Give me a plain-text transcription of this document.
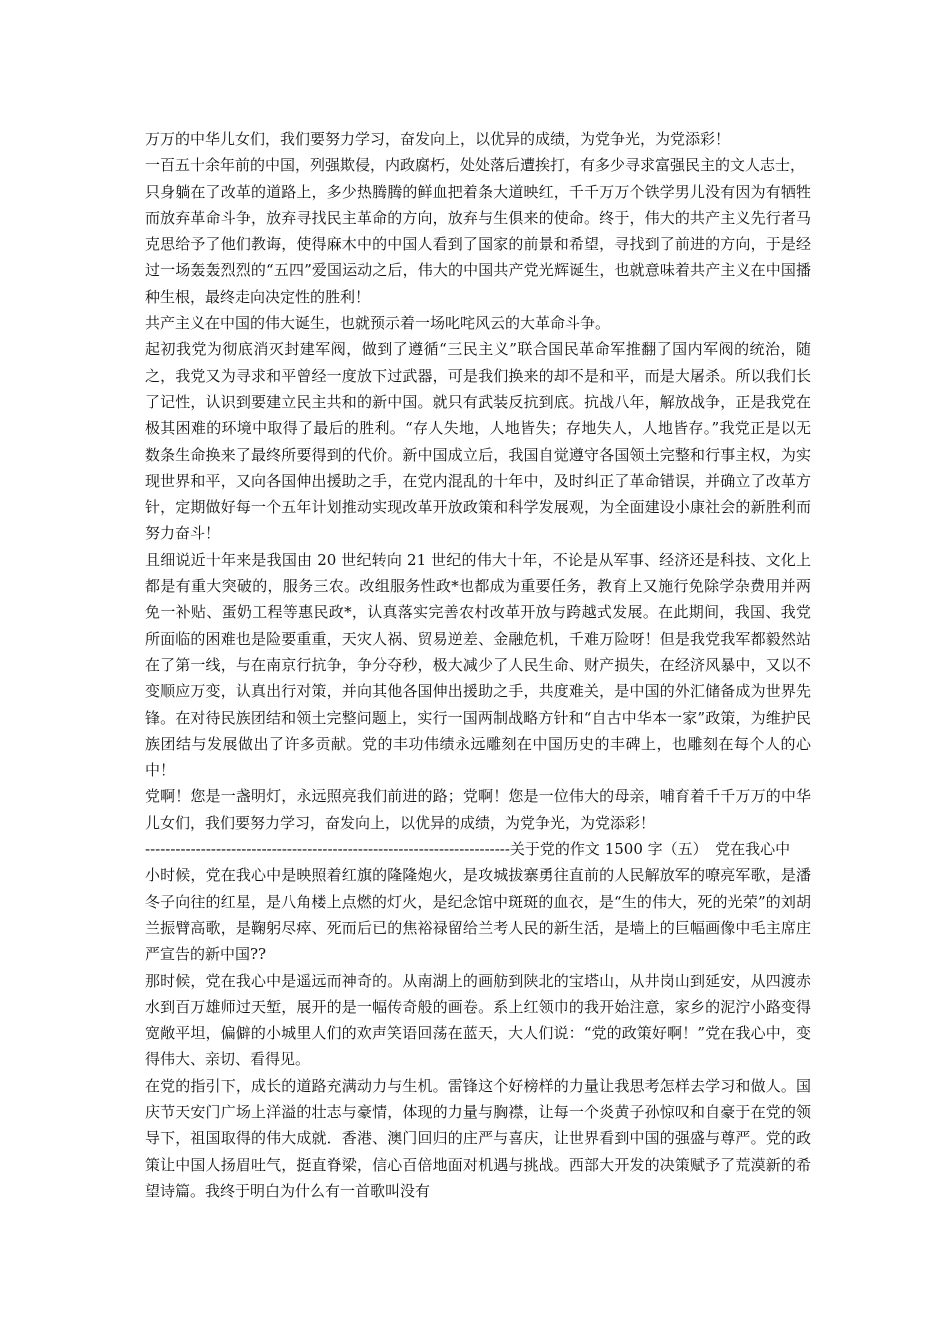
万万的中华儿女们，我们要努力学习，奋发向上，以优异的成绩，为党争光，为党添彩！

一百五十余年前的中国，列强欺侵，内政腐朽，处处落后遭挨打，有多少寻求富强民主的文人志士，

只身躺在了改革的道路上，多少热腾腾的鲜血把着条大道映红，千千万万个铁学男儿没有因为有牺牲而放弃革命斗争，放弃寻找民主革命的方向，放弃与生俱来的使命。终于，伟大的共产主义先行者马克思给予了他们教诲，使得麻木中的中国人看到了国家的前景和希望，寻找到了前进的方向，于是经过一场轰轰烈烈的“五四”爱国运动之后，伟大的中国共产党光辉诞生，也就意味着共产主义在中国播种生根，最终走向决定性的胜利！

共产主义在中国的伟大诞生，也就预示着一场叱咤风云的大革命斗争。

起初我党为彻底消灭封建军阀，做到了遵循“三民主义”联合国民革命军推翻了国内军阀的统治，随之，我党又为寻求和平曾经一度放下过武器，可是我们换来的却不是和平，而是大屠杀。所以我们长了记性，认识到要建立民主共和的新中国。就只有武装反抗到底。抗战八年，解放战争，正是我党在极其困难的环境中取得了最后的胜利。“存人失地，人地皆失；存地失人，人地皆存。”我党正是以无数条生命换来了最终所要得到的代价。新中国成立后，我国自觉遵守各国领土完整和行事主权，为实现世界和平，又向各国伸出援助之手，在党内混乱的十年中，及时纠正了革命错误，并确立了改革方针，定期做好每一个五年计划推动实现改革开放政策和科学发展观，为全面建设小康社会的新胜利而努力奋斗！

且细说近十年来是我国由 20 世纪转向 21 世纪的伟大十年，不论是从军事、经济还是科技、文化上都是有重大突破的，服务三农。改组服务性政*也都成为重要任务，教育上又施行免除学杂费用并两免一补贴、蛋奶工程等惠民政*，认真落实完善农村改革开放与跨越式发展。在此期间，我国、我党所面临的困难也是险要重重，天灾人祸、贸易逆差、金融危机，千难万险呀！但是我党我军都毅然站在了第一线，与在南京行抗争，争分夺秒，极大减少了人民生命、财产损失，在经济风暴中，又以不变顺应万变，认真出行对策，并向其他各国伸出援助之手，共度难关，是中国的外汇储备成为世界先锋。在对待民族团结和领土完整问题上，实行一国两制战略方针和“自古中华本一家”政策，为维护民族团结与发展做出了许多贡献。党的丰功伟绩永远雕刻在中国历史的丰碑上，也雕刻在每个人的心中！

党啊！您是一盏明灯，永远照亮我们前进的路；党啊！您是一位伟大的母亲，哺育着千千万万的中华儿女们，我们要努力学习，奋发向上，以优异的成绩，为党争光，为党添彩！

------------------------------------------------------------------------关于党的作文 1500 字（五）　党在我心中

小时候，党在我心中是映照着红旗的隆隆炮火，是攻城拔寨勇往直前的人民解放军的嘹亮军歌，是潘冬子向往的红星，是八角楼上点燃的灯火，是纪念馆中斑斑的血衣，是“生的伟大，死的光荣”的刘胡兰振臂高歌，是鞠躬尽瘁、死而后已的焦裕禄留给兰考人民的新生活，是墙上的巨幅画像中毛主席庄严宣告的新中国??

那时候，党在我心中是遥远而神奇的。从南湖上的画舫到陕北的宝塔山，从井岗山到延安，从四渡赤水到百万雄师过天堑，展开的是一幅传奇般的画卷。系上红领巾的我开始注意，家乡的泥泞小路变得宽敞平坦，偏僻的小城里人们的欢声笑语回荡在蓝天，大人们说：“党的政策好啊！”党在我心中，变得伟大、亲切、看得见。

在党的指引下，成长的道路充满动力与生机。雷锋这个好榜样的力量让我思考怎样去学习和做人。国庆节天安门广场上洋溢的壮志与豪情，体现的力量与胸襟，让每一个炎黄子孙惊叹和自豪于在党的领导下，祖国取得的伟大成就．香港、澳门回归的庄严与喜庆，让世界看到中国的强盛与尊严。党的政策让中国人扬眉吐气，挺直脊梁，信心百倍地面对机遇与挑战。西部大开发的决策赋予了荒漠新的希望诗篇。我终于明白为什么有一首歌叫没有
